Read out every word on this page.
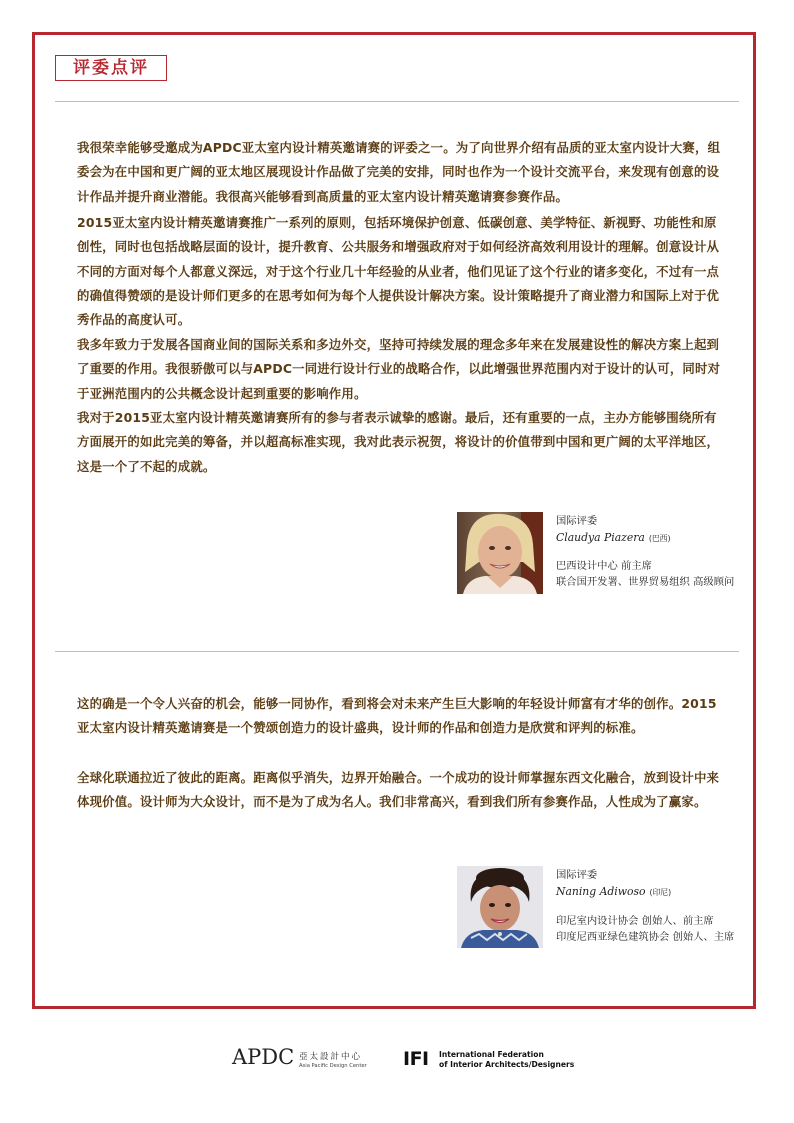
评委点评

我很荣幸能够受邀成为APDC亚太室内设计精英邀请赛的评委之一。为了向世界介绍有品质的亚太室内设计大赛，组委会为在中国和更广阔的亚太地区展现设计作品做了完美的安排，同时也作为一个设计交流平台，来发现有创意的设计作品并提升商业潜能。我很高兴能够看到高质量的亚太室内设计精英邀请赛参赛作品。

2015亚太室内设计精英邀请赛推广一系列的原则，包括环境保护创意、低碳创意、美学特征、新视野、功能性和原创性，同时也包括战略层面的设计，提升教育、公共服务和增强政府对于如何经济高效利用设计的理解。创意设计从不同的方面对每个人都意义深远，对于这个行业几十年经验的从业者，他们见证了这个行业的诸多变化，不过有一点的确值得赞颂的是设计师们更多的在思考如何为每个人提供设计解决方案。设计策略提升了商业潜力和国际上对于优秀作品的高度认可。

我多年致力于发展各国商业间的国际关系和多边外交，坚持可持续发展的理念多年来在发展建设性的解决方案上起到了重要的作用。我很骄傲可以与APDC一同进行设计行业的战略合作，以此增强世界范围内对于设计的认可，同时对于亚洲范围内的公共概念设计起到重要的影响作用。

我对于2015亚太室内设计精英邀请赛所有的参与者表示诚挚的感谢。最后，还有重要的一点，主办方能够围绕所有方面展开的如此完美的筹备，并以超高标准实现，我对此表示祝贺，将设计的价值带到中国和更广阔的太平洋地区，这是一个了不起的成就。

国际评委
Claudya Piazera (巴西)
巴西设计中心 前主席
联合国开发署、世界贸易组织 高级顾问

这的确是一个令人兴奋的机会，能够一同协作，看到将会对未来产生巨大影响的年轻设计师富有才华的创作。2015亚太室内设计精英邀请赛是一个赞颂创造力的设计盛典，设计师的作品和创造力是欣赏和评判的标准。

全球化联通拉近了彼此的距离。距离似乎消失，边界开始融合。一个成功的设计师掌握东西文化融合，放到设计中来体现价值。设计师为大众设计，而不是为了成为名人。我们非常高兴，看到我们所有参赛作品，人性成为了赢家。

国际评委
Naning Adiwoso (印尼)
印尼室内设计协会 创始人、前主席
印度尼西亚绿色建筑协会 创始人、主席
APDC 亞太設計中心
Asia Pacific Design Center IFI International Federation
of Interior Architects/Designers
